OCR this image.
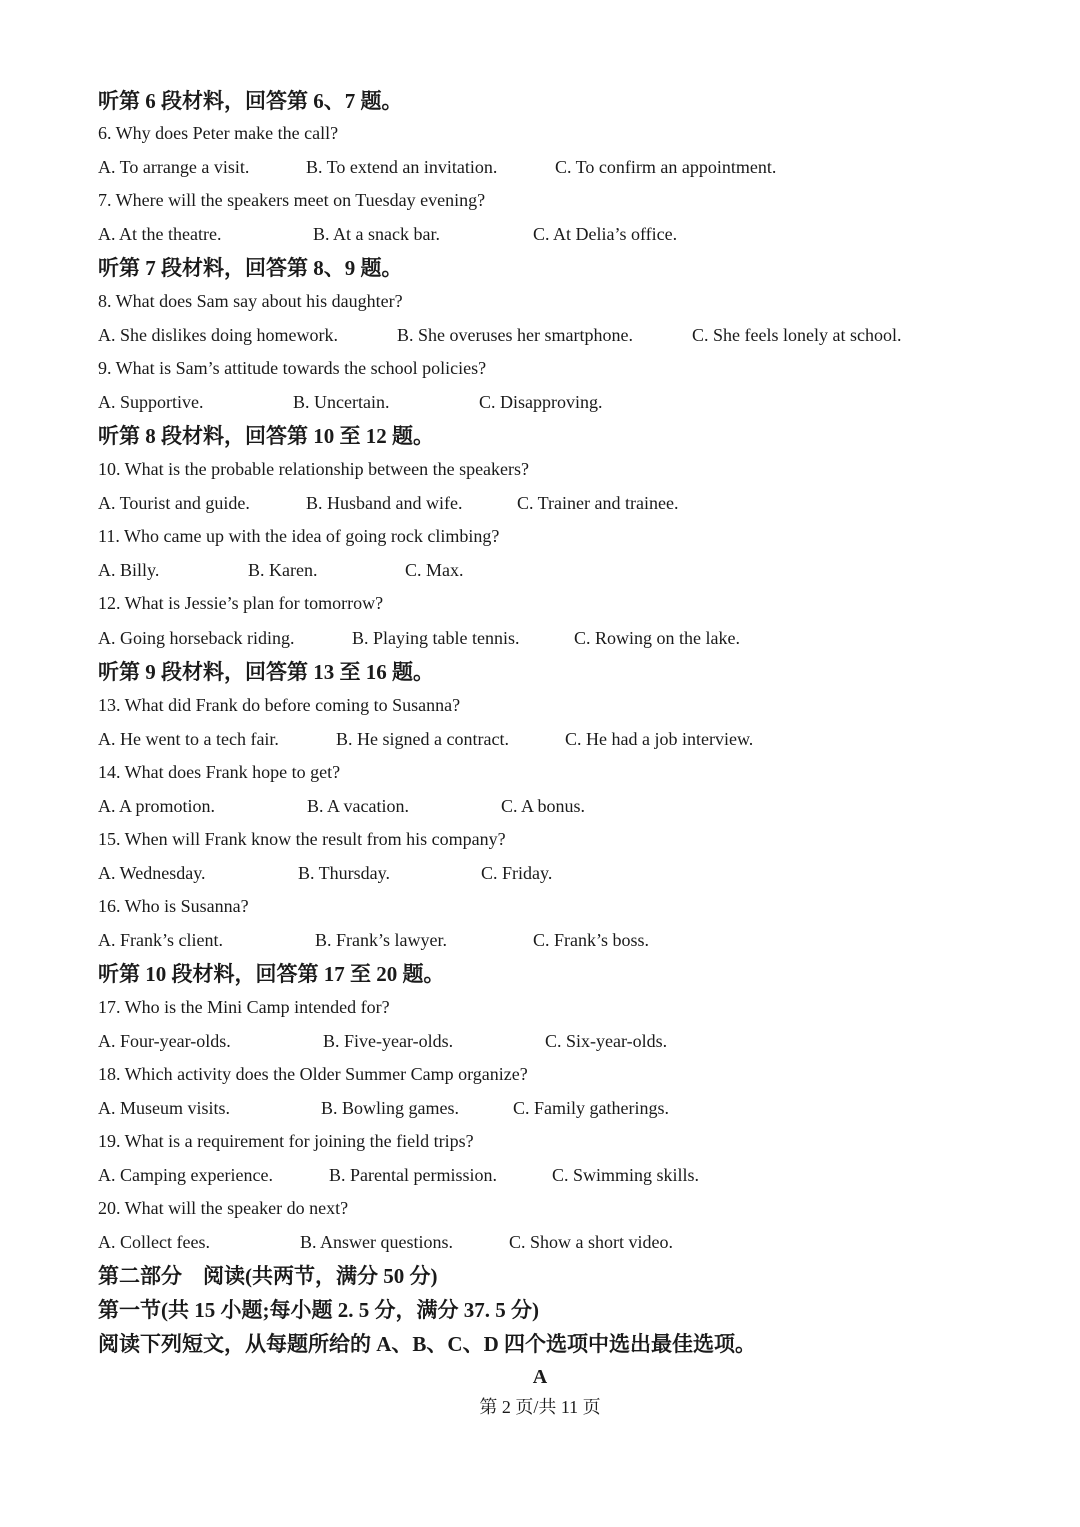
听第 6 段材料，回答第 6、7 题。
6. Why does Peter make the call?
A. To arrange a visit.	B. To extend an invitation.	C. To confirm an appointment.
7. Where will the speakers meet on Tuesday evening?
A. At the theatre.	B. At a snack bar.	C. At Delia’s office.
听第 7 段材料，回答第 8、9 题。
8. What does Sam say about his daughter?
A. She dislikes doing homework.	B. She overuses her smartphone.	C. She feels lonely at school.
9. What is Sam’s attitude towards the school policies?
A. Supportive.	B. Uncertain.	C. Disapproving.
听第 8 段材料，回答第 10 至 12 题。
10. What is the probable relationship between the speakers?
A. Tourist and guide.	B. Husband and wife.	C. Trainer and trainee.
11. Who came up with the idea of going rock climbing?
A. Billy.	B. Karen.	C. Max.
12. What is Jessie’s plan for tomorrow?
A. Going horseback riding.	B. Playing table tennis.	C. Rowing on the lake.
听第 9 段材料，回答第 13 至 16 题。
13. What did Frank do before coming to Susanna?
A. He went to a tech fair.	B. He signed a contract.	C. He had a job interview.
14. What does Frank hope to get?
A. A promotion.	B. A vacation.	C. A bonus.
15. When will Frank know the result from his company?
A. Wednesday.	B. Thursday.	C. Friday.
16. Who is Susanna?
A. Frank’s client.	B. Frank’s lawyer.	C. Frank’s boss.
听第 10 段材料，回答第 17 至 20 题。
17. Who is the Mini Camp intended for?
A. Four-year-olds.	B. Five-year-olds.	C. Six-year-olds.
18. Which activity does the Older Summer Camp organize?
A. Museum visits.	B. Bowling games.	C. Family gatherings.
19. What is a requirement for joining the field trips?
A. Camping experience.	B. Parental permission.	C. Swimming skills.
20. What will the speaker do next?
A. Collect fees.	B. Answer questions.	C. Show a short video.
第二部分　阅读(共两节，满分 50 分)
第一节(共 15 小题;每小题 2. 5 分，满分 37. 5 分)
阅读下列短文，从每题所给的 A、B、C、D 四个选项中选出最佳选项。
A
第 2 页/共 11 页
